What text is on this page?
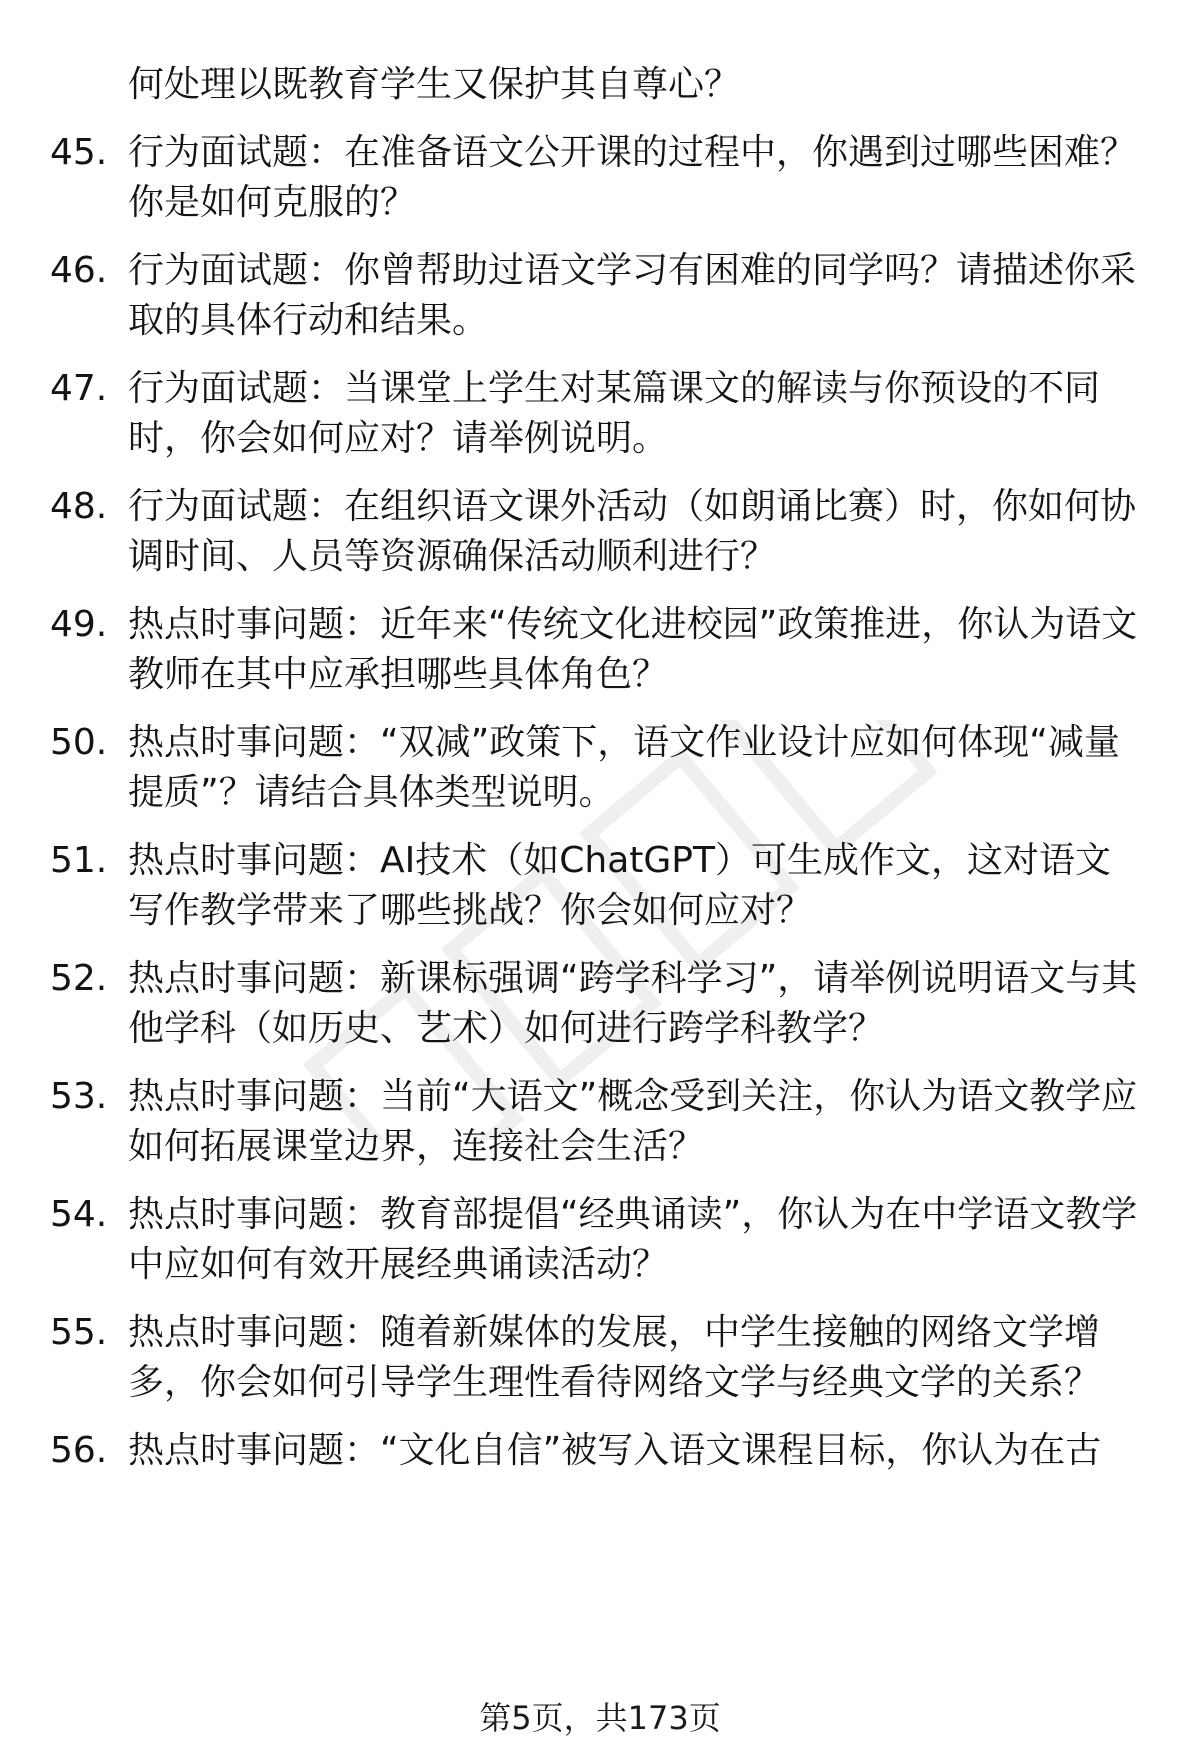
何处理以既教育学生又保护其自尊心？
45. 行为面试题：在准备语文公开课的过程中，你遇到过哪些困难？你是如何克服的？
46. 行为面试题：你曾帮助过语文学习有困难的同学吗？请描述你采取的具体行动和结果。
47. 行为面试题：当课堂上学生对某篇课文的解读与你预设的不同时，你会如何应对？请举例说明。
48. 行为面试题：在组织语文课外活动（如朗诵比赛）时，你如何协调时间、人员等资源确保活动顺利进行？
49. 热点时事问题：近年来“传统文化进校园”政策推进，你认为语文教师在其中应承担哪些具体角色？
50. 热点时事问题：“双减”政策下，语文作业设计应如何体现“减量提质”？请结合具体类型说明。
51. 热点时事问题：AI技术（如ChatGPT）可生成作文，这对语文写作教学带来了哪些挑战？你会如何应对？
52. 热点时事问题：新课标强调“跨学科学习”，请举例说明语文与其他学科（如历史、艺术）如何进行跨学科教学？
53. 热点时事问题：当前“大语文”概念受到关注，你认为语文教学应如何拓展课堂边界，连接社会生活？
54. 热点时事问题：教育部提倡“经典诵读”，你认为在中学语文教学中应如何有效开展经典诵读活动？
55. 热点时事问题：随着新媒体的发展，中学生接触的网络文学增多，你会如何引导学生理性看待网络文学与经典文学的关系？
56. 热点时事问题：“文化自信”被写入语文课程目标，你认为在古
第5页，共173页
